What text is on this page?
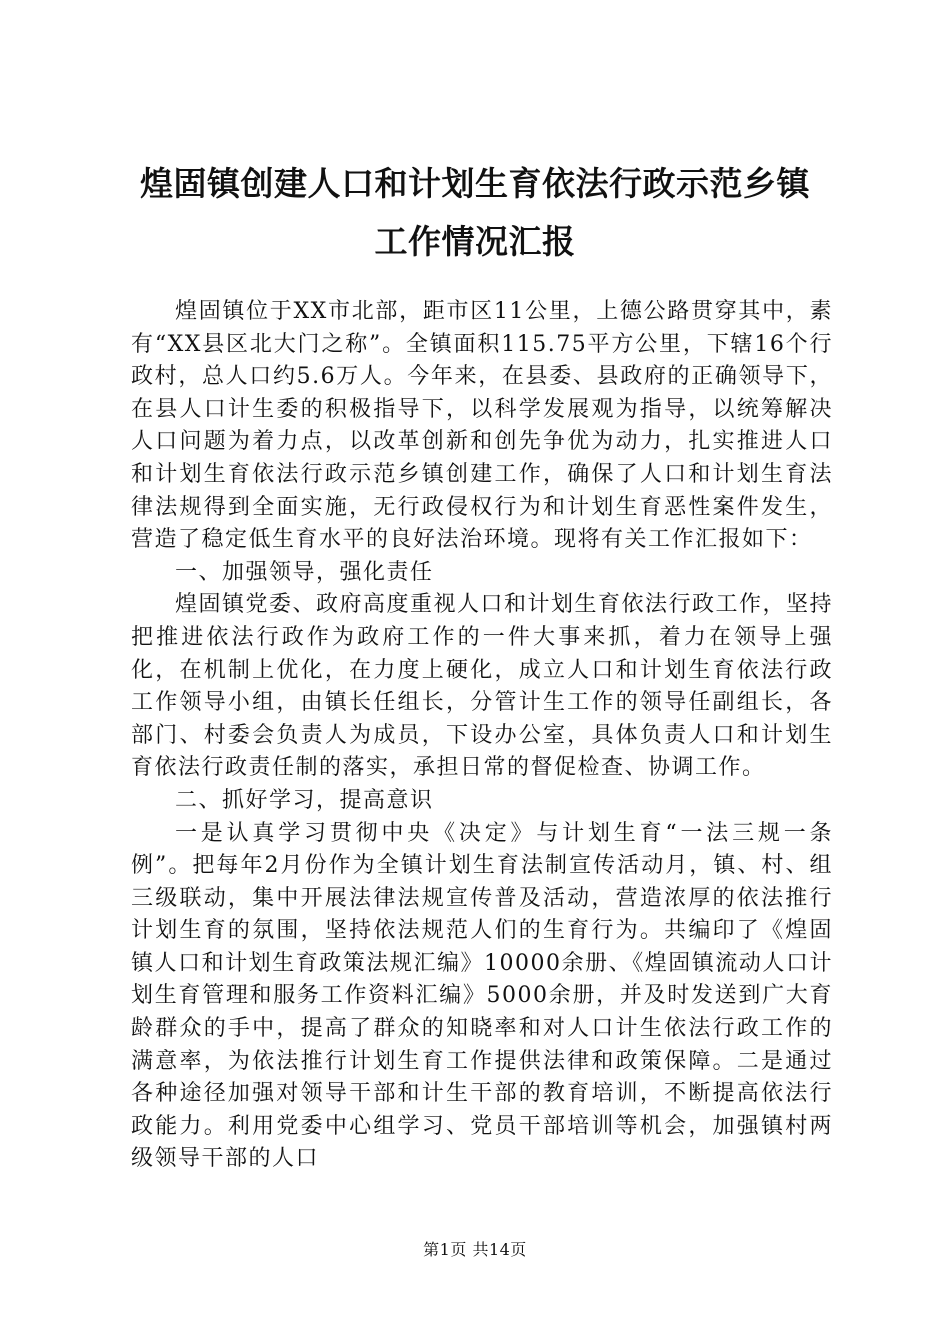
煌固镇创建人口和计划生育依法行政示范乡镇
工作情况汇报

煌固镇位于XX市北部，距市区11公里，上德公路贯穿其中，素有“XX县区北大门之称”。全镇面积115.75平方公里，下辖16个行政村，总人口约5.6万人。今年来，在县委、县政府的正确领导下，在县人口计生委的积极指导下，以科学发展观为指导，以统筹解决人口问题为着力点，以改革创新和创先争优为动力，扎实推进人口和计划生育依法行政示范乡镇创建工作，确保了人口和计划生育法律法规得到全面实施，无行政侵权行为和计划生育恶性案件发生，营造了稳定低生育水平的良好法治环境。现将有关工作汇报如下：

一、加强领导，强化责任

煌固镇党委、政府高度重视人口和计划生育依法行政工作，坚持把推进依法行政作为政府工作的一件大事来抓，着力在领导上强化，在机制上优化，在力度上硬化，成立人口和计划生育依法行政工作领导小组，由镇长任组长，分管计生工作的领导任副组长，各部门、村委会负责人为成员，下设办公室，具体负责人口和计划生育依法行政责任制的落实，承担日常的督促检查、协调工作。

二、抓好学习，提高意识

一是认真学习贯彻中央《决定》与计划生育“一法三规一条例”。把每年2月份作为全镇计划生育法制宣传活动月，镇、村、组三级联动，集中开展法律法规宣传普及活动，营造浓厚的依法推行计划生育的氛围，坚持依法规范人们的生育行为。共编印了《煌固镇人口和计划生育政策法规汇编》10000余册、《煌固镇流动人口计划生育管理和服务工作资料汇编》5000余册，并及时发送到广大育龄群众的手中，提高了群众的知晓率和对人口计生依法行政工作的满意率，为依法推行计划生育工作提供法律和政策保障。二是通过各种途径加强对领导干部和计生干部的教育培训，不断提高依法行政能力。利用党委中心组学习、党员干部培训等机会，加强镇村两级领导干部的人口

第1页 共14页
